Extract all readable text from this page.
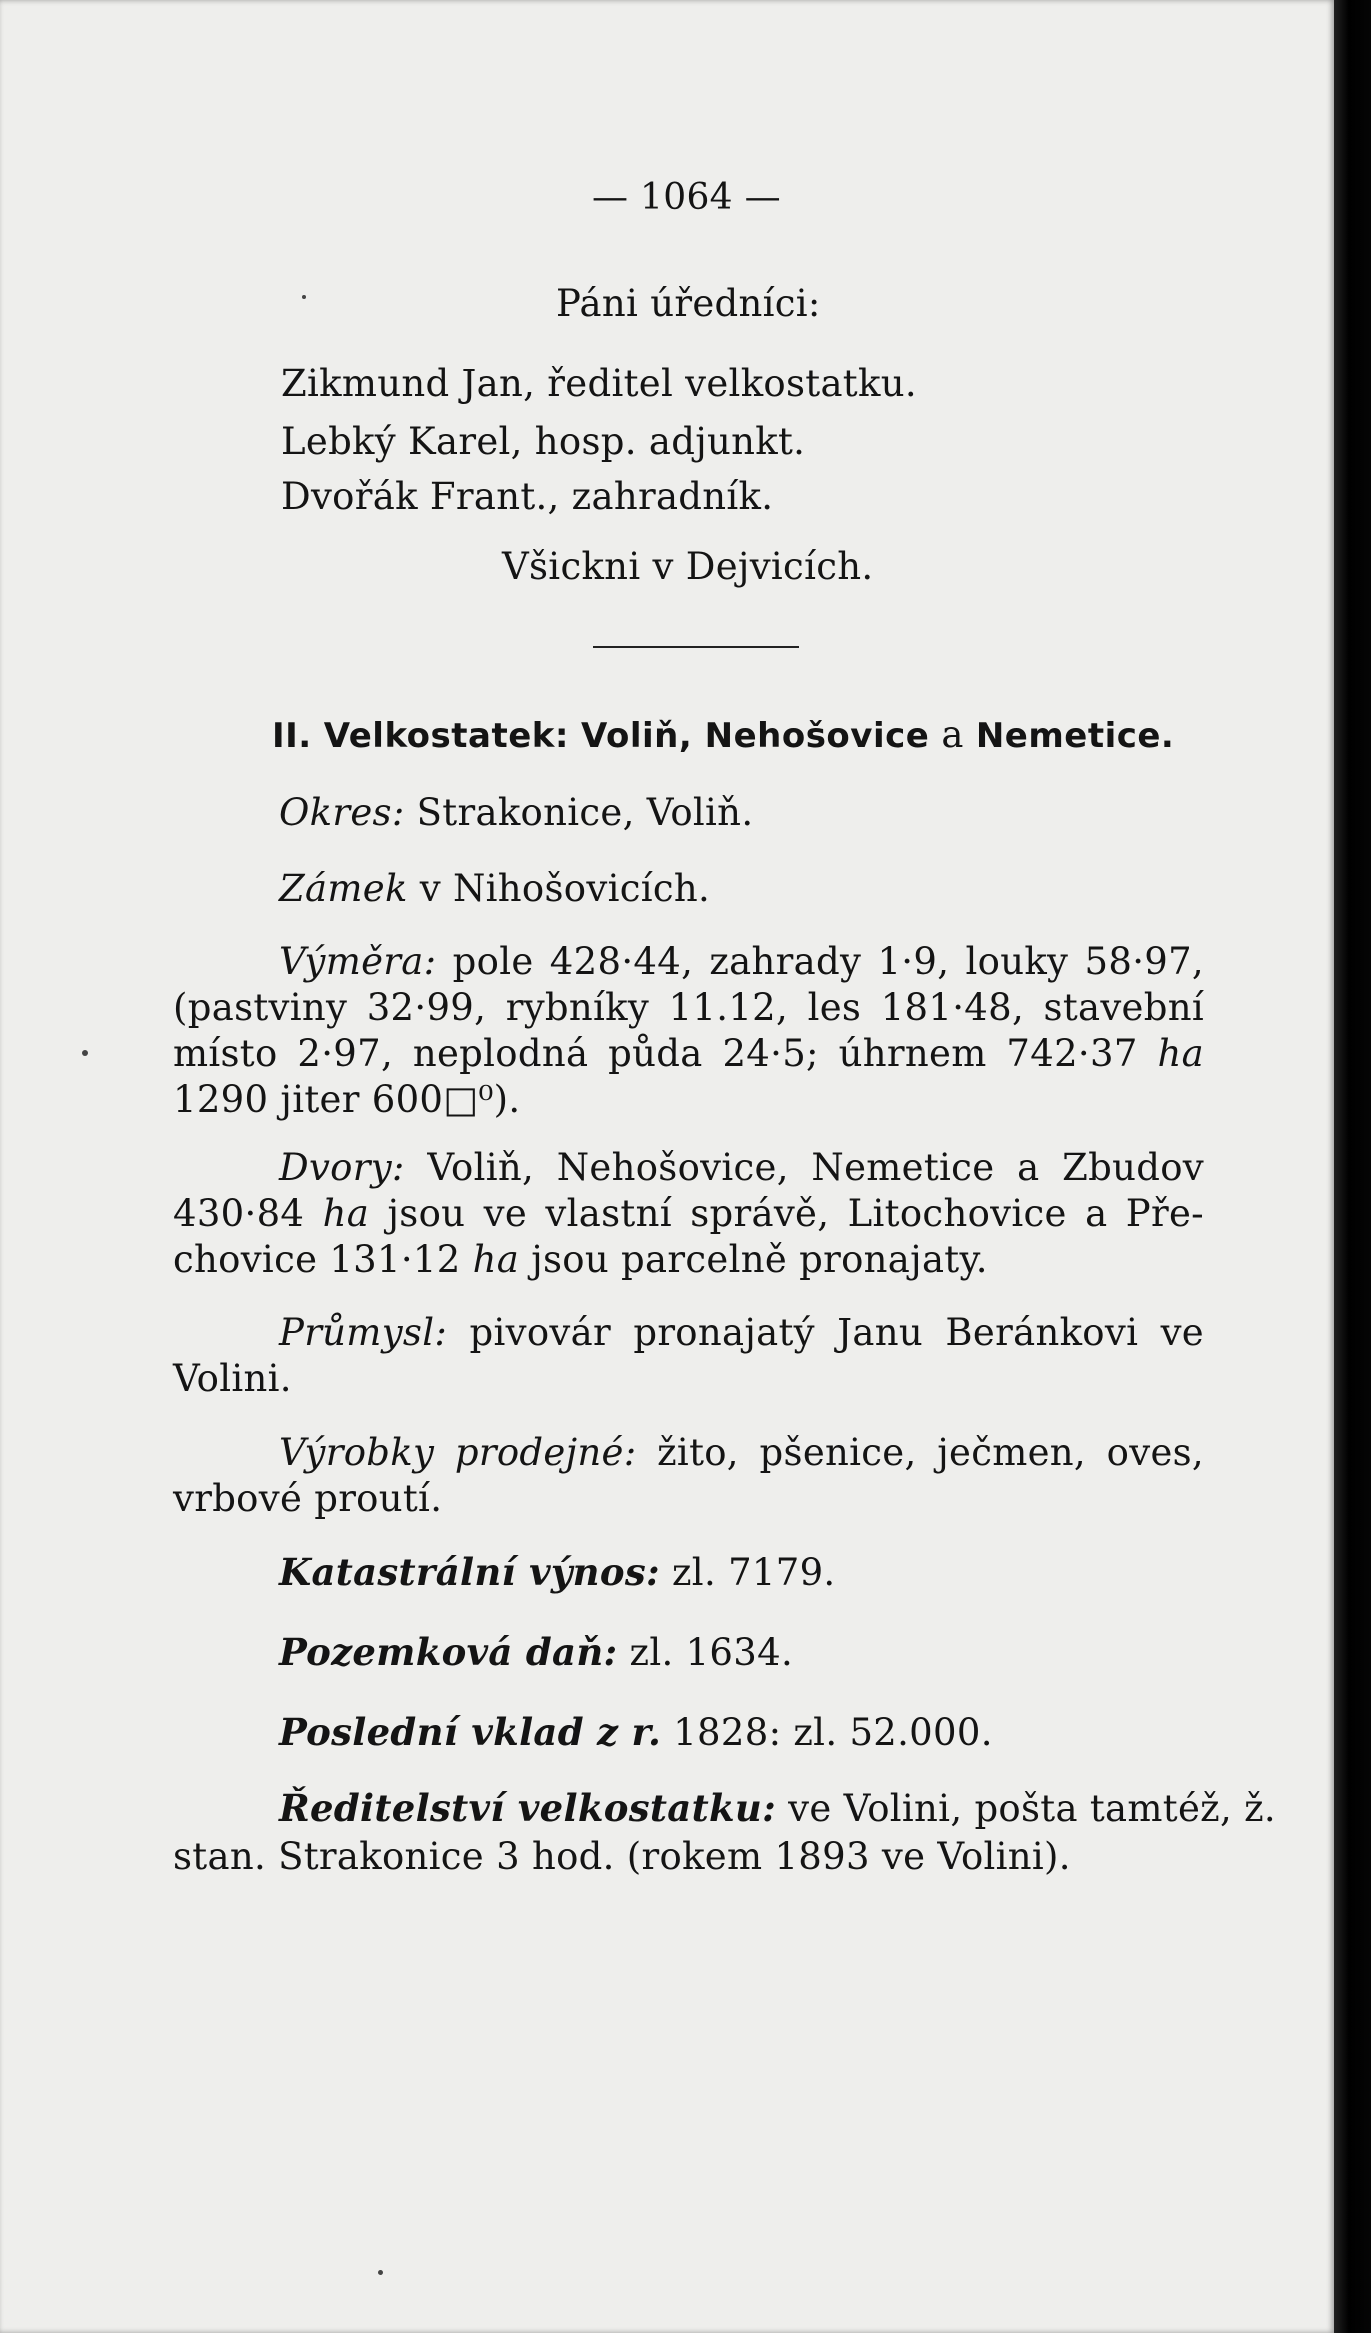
— 1064 —
Páni úředníci:
Zikmund Jan, ředitel velkostatku.
Lebký Karel, hosp. adjunkt.
Dvořák Frant., zahradník.
Všickni v Dejvicích.
II. Velkostatek: Voliň, Nehošovice a Nemetice.
Okres: Strakonice, Voliň.
Zámek v Nihošovicích.
Výměra: pole 428·44, zahrady 1·9, louky 58·97,
(pastviny 32·99, rybníky 11.12, les 181·48, stavební
místo 2·97, neplodná půda 24·5; úhrnem 742·37 ha
1290 jiter 600□⁰).
Dvory: Voliň, Nehošovice, Nemetice a Zbudov
430·84 ha jsou ve vlastní správě, Litochovice a Pře-
chovice 131·12 ha jsou parcelně pronajaty.
Průmysl: pivovár pronajatý Janu Beránkovi ve
Volini.
Výrobky prodejné: žito, pšenice, ječmen, oves,
vrbové proutí.
Katastrální výnos: zl. 7179.
Pozemková daň: zl. 1634.
Poslední vklad z r. 1828: zl. 52.000.
Ředitelství velkostatku: ve Volini, pošta tamtéž, ž.
stan. Strakonice 3 hod. (rokem 1893 ve Volini).
